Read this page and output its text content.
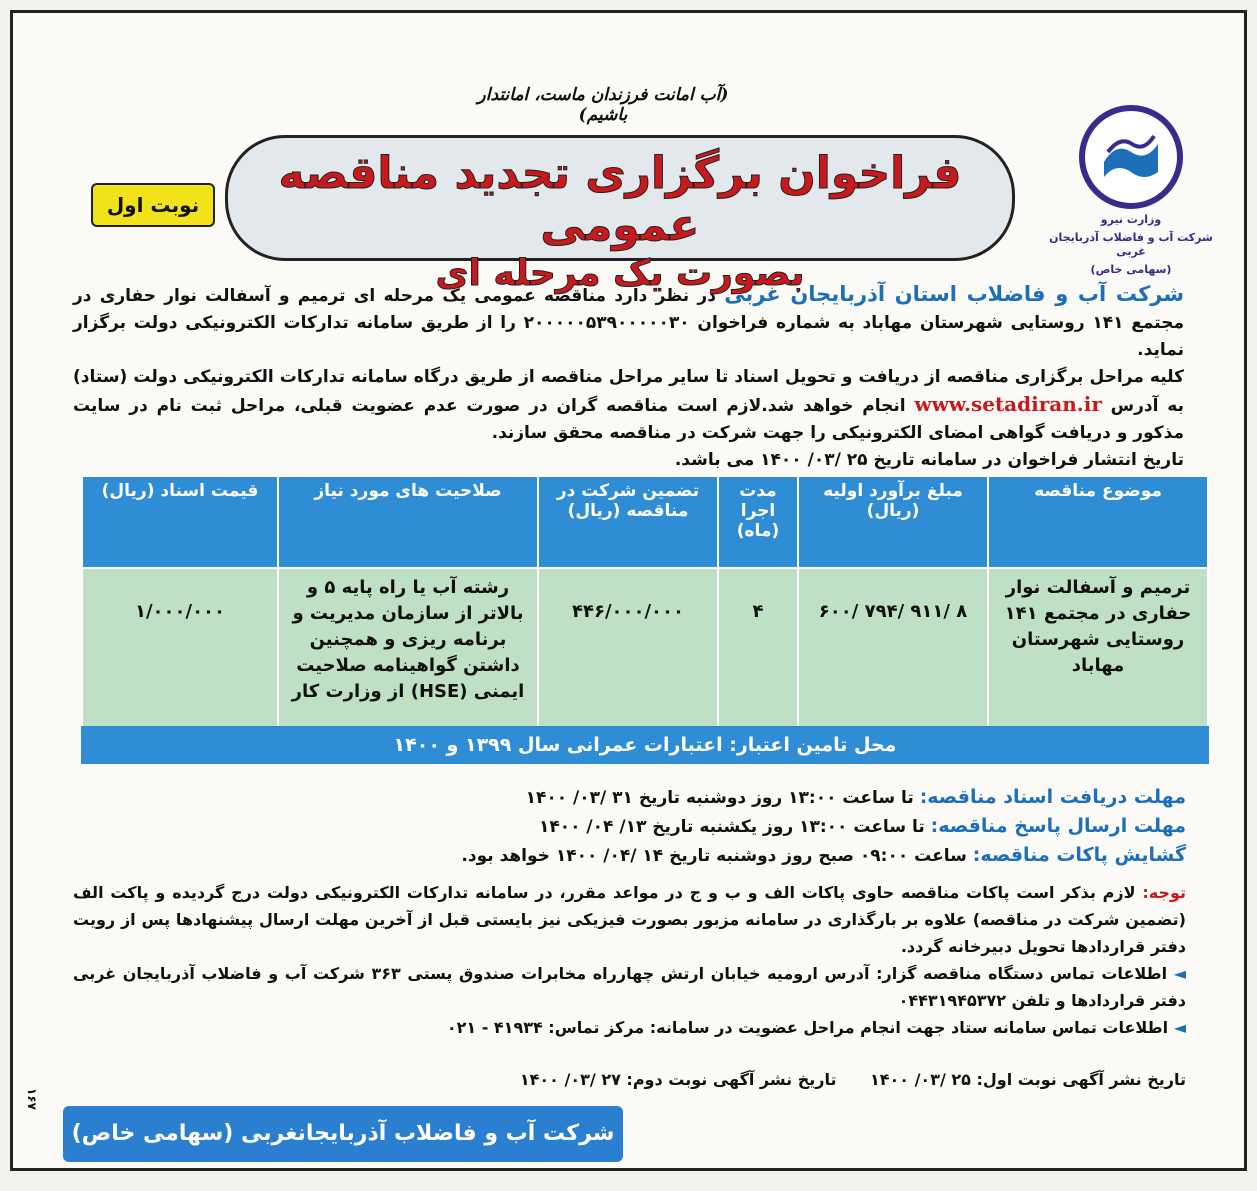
(آب امانت فرزندان ماست، امانتدار باشیم)
وزارت نیرو
شرکت آب و فاضلاب آذربایجان غربی
(سهامی خاص)
فراخوان برگزاری تجدید مناقصه عمومی
بصورت یک مرحله ای
نوبت اول
شرکت آب و فاضلاب استان آذربایجان غربی در نظر دارد مناقصه عمومی یک مرحله ای ترمیم و آسفالت نوار حفاری در مجتمع ۱۴۱ روستایی شهرستان مهاباد به شماره فراخوان ۲۰۰۰۰۰۵۳۹۰۰۰۰۰۳۰ را از طریق سامانه تدارکات الکترونیکی دولت برگزار نماید.
کلیه مراحل برگزاری مناقصه از دریافت و تحویل اسناد تا سایر مراحل مناقصه از طریق درگاه سامانه تدارکات الکترونیکی دولت (ستاد) به آدرس www.setadiran.ir انجام خواهد شد.لازم است مناقصه گران در صورت عدم عضویت قبلی، مراحل ثبت نام در سایت مذکور و دریافت گواهی امضای الکترونیکی را جهت شرکت در مناقصه محقق سازند.
تاریخ انتشار فراخوان در سامانه تاریخ ۲۵ /۰۳/ ۱۴۰۰ می باشد.
موضوع مناقصه	مبلغ برآورد اولیه (ریال)	مدت اجرا (ماه)	تضمین شرکت در مناقصه (ریال)	صلاحیت های مورد نیاز	قیمت اسناد (ریال)
ترمیم و آسفالت نوار حفاری در مجتمع ۱۴۱ روستایی شهرستان مهاباد	۸ /۹۱۱ /۷۹۴ /۶۰۰	۴	۴۴۶/۰۰۰/۰۰۰	رشته آب یا راه پایه ۵ و بالاتر از سازمان مدیریت و برنامه ریزی و همچنین داشتن گواهینامه صلاحیت ایمنی (HSE) از وزارت کار	۱/۰۰۰/۰۰۰
محل تامین اعتبار: اعتبارات عمرانی سال ۱۳۹۹ و ۱۴۰۰
مهلت دریافت اسناد مناقصه: تا ساعت ۱۳:۰۰ روز دوشنبه تاریخ ۳۱ /۰۳/ ۱۴۰۰
مهلت ارسال پاسخ مناقصه: تا ساعت ۱۳:۰۰ روز یکشنبه تاریخ ۱۳/ ۰۴/ ۱۴۰۰
گشایش پاکات مناقصه: ساعت ۰۹:۰۰ صبح روز دوشنبه تاریخ ۱۴ /۰۴/ ۱۴۰۰ خواهد بود.
توجه: لازم بذکر است پاکات مناقصه حاوی پاکات الف و ب و ج در مواعد مقرر، در سامانه تدارکات الکترونیکی دولت درج گردیده و پاکت الف (تضمین شرکت در مناقصه) علاوه بر بارگذاری در سامانه مزبور بصورت فیزیکی نیز بایستی قبل از آخرین مهلت ارسال پیشنهادها پس از رویت دفتر قراردادها تحویل دبیرخانه گردد.
◄ اطلاعات تماس دستگاه مناقصه گزار: آدرس ارومیه خیابان ارتش چهارراه مخابرات صندوق پستی ۳۶۳ شرکت آب و فاضلاب آذربایجان غربی دفتر قراردادها و تلفن ۰۴۴۳۱۹۴۵۳۷۲
◄ اطلاعات تماس سامانه ستاد جهت انجام مراحل عضویت در سامانه: مرکز تماس: ۴۱۹۳۴ - ۰۲۱
تاریخ نشر آگهی نوبت اول: ۲۵ /۰۳/ ۱۴۰۰      تاریخ نشر آگهی نوبت دوم: ۲۷ /۰۳/ ۱۴۰۰
۱۶۷
شرکت آب و فاضلاب آذربایجانغربی (سهامی خاص)
